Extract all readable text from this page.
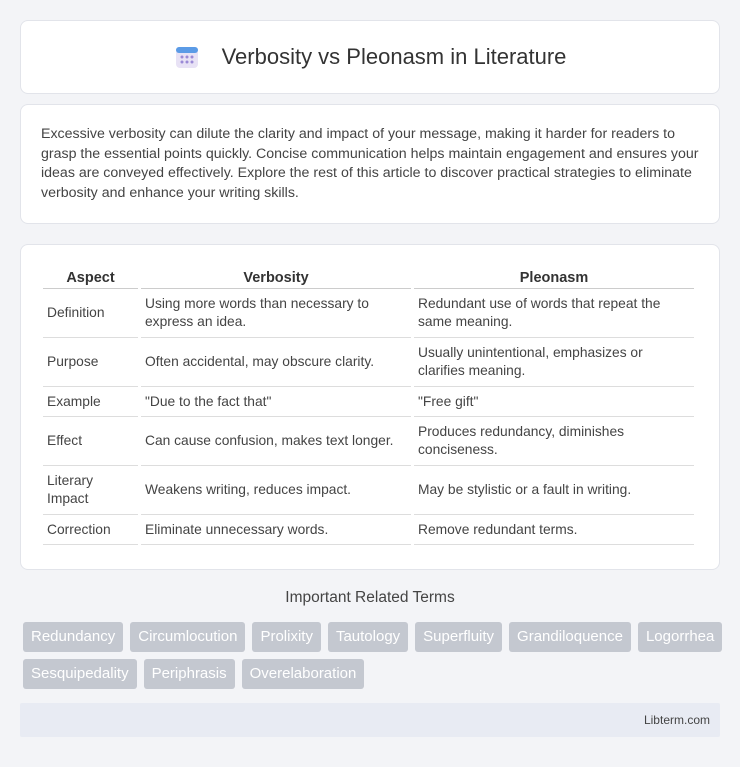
Verbosity vs Pleonasm in Literature

Excessive verbosity can dilute the clarity and impact of your message, making it harder for readers to grasp the essential points quickly. Concise communication helps maintain engagement and ensures your ideas are conveyed effectively. Explore the rest of this article to discover practical strategies to eliminate verbosity and enhance your writing skills.

Aspect	Verbosity	Pleonasm
Definition	Using more words than necessary to express an idea.	Redundant use of words that repeat the same meaning.
Purpose	Often accidental, may obscure clarity.	Usually unintentional, emphasizes or clarifies meaning.
Example	"Due to the fact that"	"Free gift"
Effect	Can cause confusion, makes text longer.	Produces redundancy, diminishes conciseness.
Literary Impact	Weakens writing, reduces impact.	May be stylistic or a fault in writing.
Correction	Eliminate unnecessary words.	Remove redundant terms.
Important Related Terms
Redundancy	Circumlocution	Prolixity	Tautology	Superfluity	Grandiloquence	Logorrhea
Sesquipedality	Periphrasis	Overelaboration
Libterm.com
